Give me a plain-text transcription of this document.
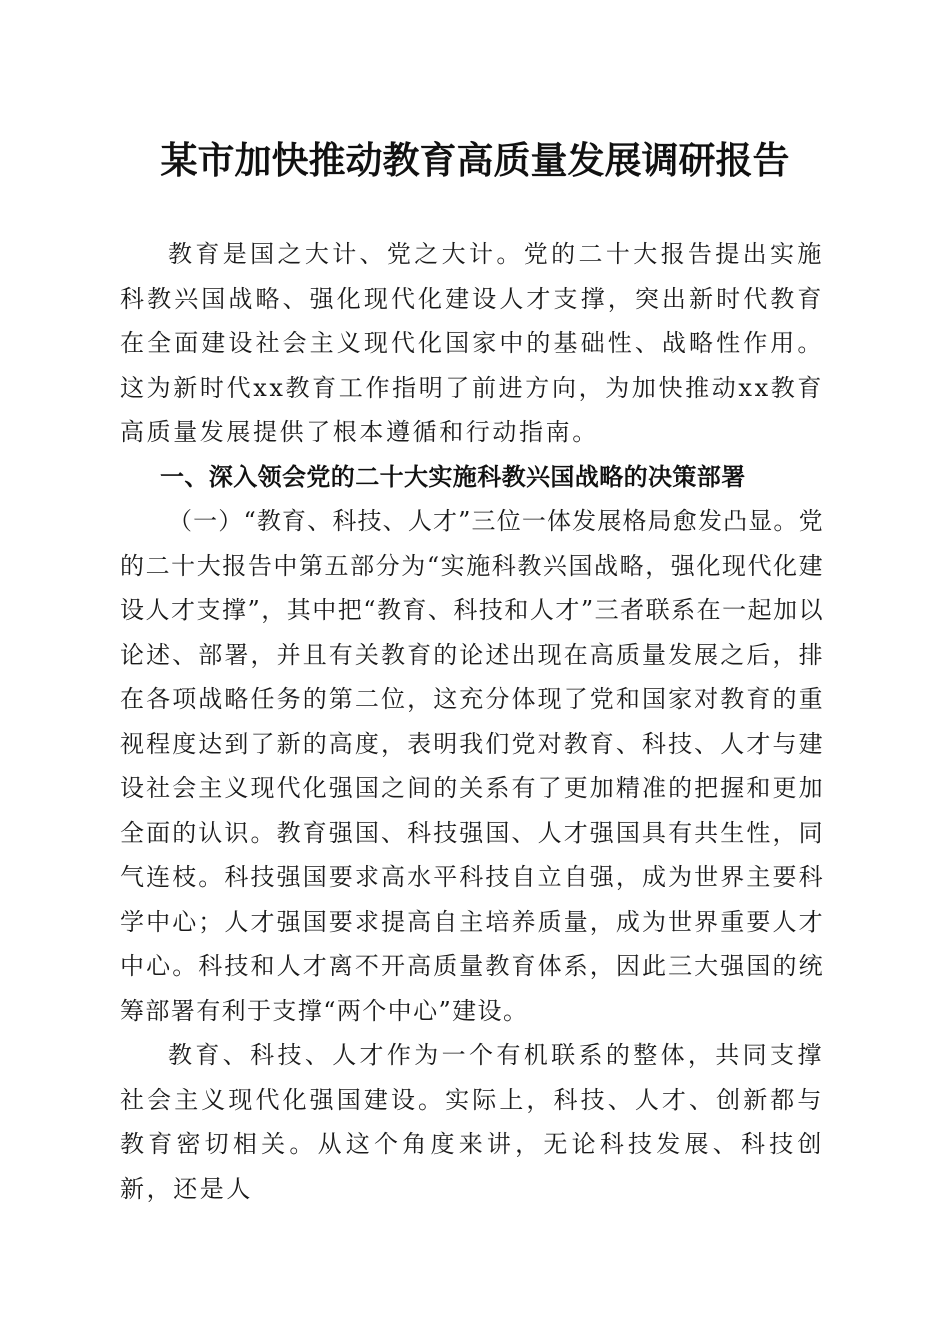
某市加快推动教育高质量发展调研报告

教育是国之大计、党之大计。党的二十大报告提出实施科教兴国战略、强化现代化建设人才支撑，突出新时代教育在全面建设社会主义现代化国家中的基础性、战略性作用。这为新时代xx教育工作指明了前进方向，为加快推动xx教育高质量发展提供了根本遵循和行动指南。

一、深入领会党的二十大实施科教兴国战略的决策部署

（一）“教育、科技、人才”三位一体发展格局愈发凸显。党的二十大报告中第五部分为“实施科教兴国战略，强化现代化建设人才支撑”，其中把“教育、科技和人才”三者联系在一起加以论述、部署，并且有关教育的论述出现在高质量发展之后，排在各项战略任务的第二位，这充分体现了党和国家对教育的重视程度达到了新的高度，表明我们党对教育、科技、人才与建设社会主义现代化强国之间的关系有了更加精准的把握和更加全面的认识。教育强国、科技强国、人才强国具有共生性，同气连枝。科技强国要求高水平科技自立自强，成为世界主要科学中心；人才强国要求提高自主培养质量，成为世界重要人才中心。科技和人才离不开高质量教育体系，因此三大强国的统筹部署有利于支撑“两个中心”建设。

教育、科技、人才作为一个有机联系的整体，共同支撑社会主义现代化强国建设。实际上，科技、人才、创新都与教育密切相关。从这个角度来讲，无论科技发展、科技创新，还是人
